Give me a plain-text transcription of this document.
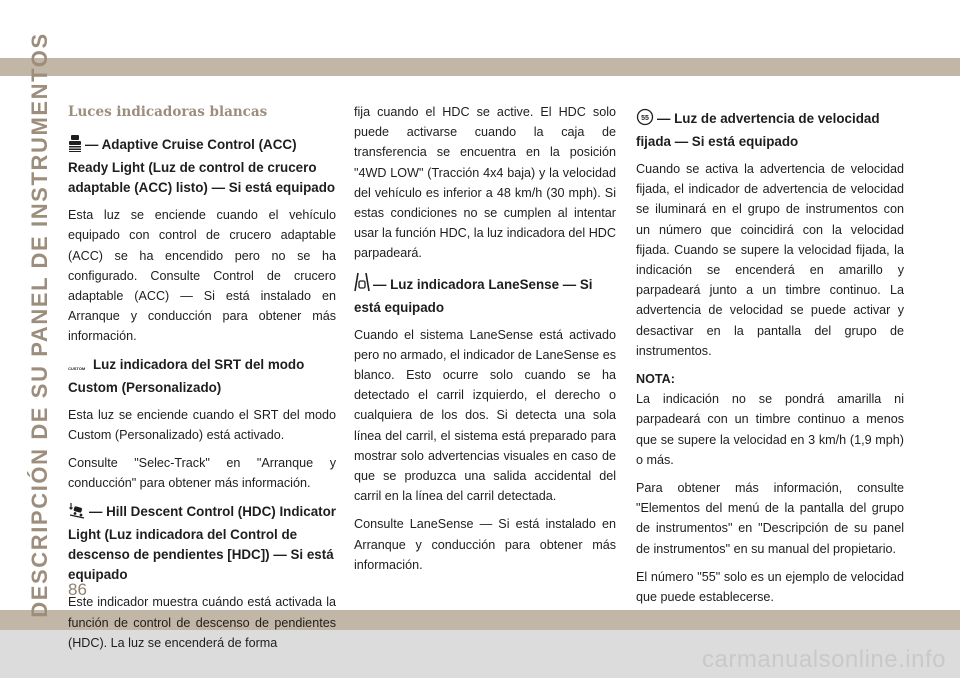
DESCRIPCIÓN DE SU PANEL DE INSTRUMENTOS Luces indicadoras blancas
— Adaptive Cruise Control (ACC) Ready Light (Luz de control de crucero adaptable (ACC) listo) — Si está equipado

Esta luz se enciende cuando el vehículo equipado con control de crucero adaptable (ACC) se ha encendido pero no se ha configurado. Consulte Control de crucero adaptable (ACC) — Si está instalado en Arranque y conducción para obtener más información.

CUSTOM Luz indicadora del SRT del modo Custom (Personalizado)

Esta luz se enciende cuando el SRT del modo Custom (Personalizado) está activado.

Consulte "Selec-Track" en "Arranque y conducción" para obtener más información.

— Hill Descent Control (HDC) Indicator Light (Luz indicadora del Control de descenso de pendientes [HDC]) — Si está equipado

Este indicador muestra cuándo está activada la función de control de descenso de pendientes (HDC). La luz se encenderá de forma

fija cuando el HDC se active. El HDC solo puede activarse cuando la caja de transferencia se encuentra en la posición "4WD LOW" (Tracción 4x4 baja) y la velocidad del vehículo es inferior a 48 km/h (30 mph). Si estas condiciones no se cumplen al intentar usar la función HDC, la luz indicadora del HDC parpadeará.

— Luz indicadora LaneSense — Si está equipado

Cuando el sistema LaneSense está activado pero no armado, el indicador de LaneSense es blanco. Esto ocurre solo cuando se ha detectado el carril izquierdo, el derecho o cualquiera de los dos. Si detecta una sola línea del carril, el sistema está preparado para mostrar solo advertencias visuales en caso de que se produzca una salida accidental del carril en la línea del carril detectada.

Consulte LaneSense — Si está instalado en Arranque y conducción para obtener más información.

55 — Luz de advertencia de velocidad fijada — Si está equipado

Cuando se activa la advertencia de velocidad fijada, el indicador de advertencia de velocidad se iluminará en el grupo de instrumentos con un número que coincidirá con la velocidad fijada. Cuando se supere la velocidad fijada, la indicación se encenderá en amarillo y parpadeará junto a un timbre continuo. La advertencia de velocidad se puede activar y desactivar en la pantalla del grupo de instrumentos.

NOTA:

La indicación no se pondrá amarilla ni parpadeará con un timbre continuo a menos que se supere la velocidad en 3 km/h (1,9 mph) o más.

Para obtener más información, consulte "Elementos del menú de la pantalla del grupo de instrumentos" en "Descripción de su panel de instrumentos" en su manual del propietario.

El número "55" solo es un ejemplo de velocidad que puede establecerse.

86
carmanualsonline.info
